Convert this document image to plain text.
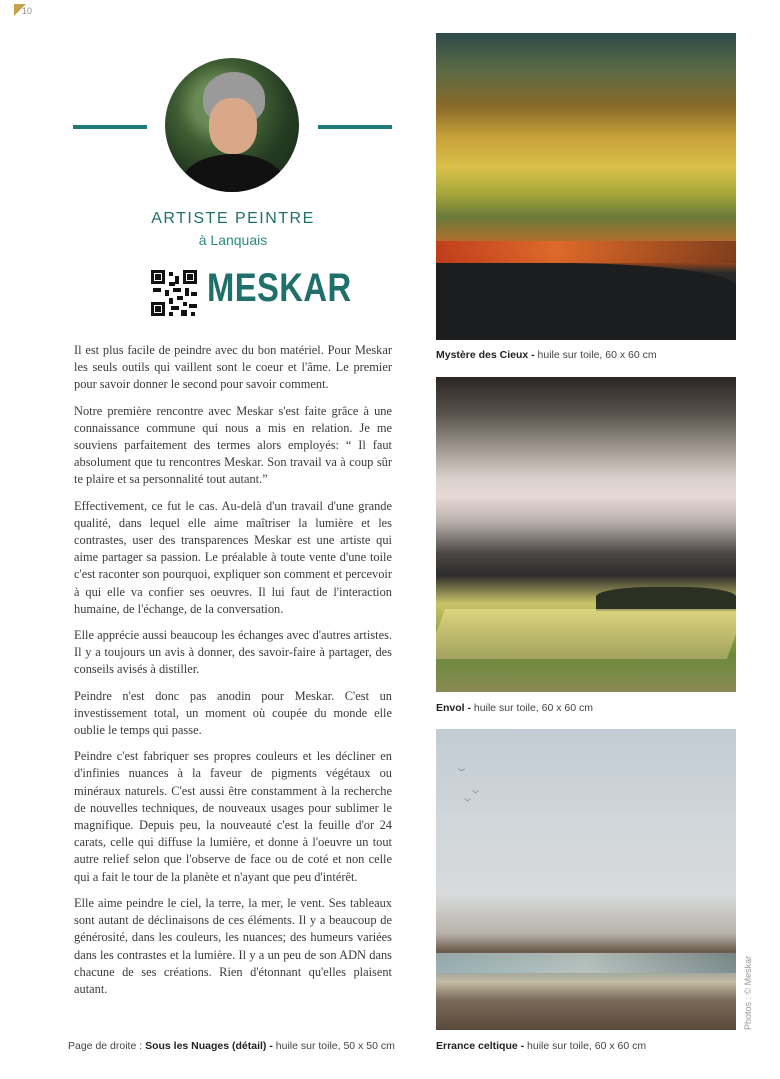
10
ARTISTE PEINTRE
à Lanquais
MESKAR

Il est plus facile de peindre avec du bon matériel. Pour Meskar les seuls outils qui vaillent sont le coeur et l'âme. Le premier pour savoir donner le second pour savoir comment.

Notre première rencontre avec Meskar s'est faite grâce à une connaissance commune qui nous a mis en relation. Je me souviens parfaitement des termes alors employés: “ Il faut absolument que tu rencontres Meskar. Son travail va à coup sûr te plaire et sa personnalité tout autant.”

Effectivement, ce fut le cas. Au-delà d'un travail d'une grande qualité, dans lequel elle aime maîtriser la lumière et les contrastes, user des transparences Meskar est une artiste qui aime partager sa passion. Le préalable à toute vente d'une toile c'est raconter son pourquoi, expliquer son comment et percevoir à qui elle va confier ses oeuvres. Il lui faut de l'interaction humaine, de l'échange, de la conversation.

Elle apprécie aussi beaucoup les échanges avec d'autres artistes. Il y a toujours un avis à donner, des savoir-faire à partager, des conseils avisés à distiller.

Peindre n'est donc pas anodin pour Meskar. C'est un investissement total, un moment où coupée du monde elle oublie le temps qui passe.

Peindre c'est fabriquer ses propres couleurs et les décliner en d'infinies nuances à la faveur de pigments végétaux ou minéraux naturels. C'est aussi être constamment à la recherche de nouvelles techniques, de nouveaux usages pour sublimer le magnifique. Depuis peu, la nouveauté c'est la feuille d'or 24 carats, celle qui diffuse la lumière, et donne à l'oeuvre un tout autre relief selon que l'observe de face ou de coté et non celle qui a fait le tour de la planète et n'ayant que peu d'intérêt.

Elle aime peindre le ciel, la terre, la mer, le vent. Ses tableaux sont autant de déclinaisons de ces éléments. Il y a beaucoup de générosité, dans les couleurs, les nuances; des humeurs variées dans les contrastes et la lumière. Il y a un peu de son ADN dans chacune de ses créations. Rien d'étonnant qu'elles plaisent autant.

Mystère des Cieux - huile sur toile, 60 x 60 cm
Envol - huile sur toile, 60 x 60 cm
︶
︶
︶
Errance celtique - huile sur toile, 60 x 60 cm
Page de droite : Sous les Nuages (détail) - huile sur toile, 50 x 50 cm
Photos : © Meskar
